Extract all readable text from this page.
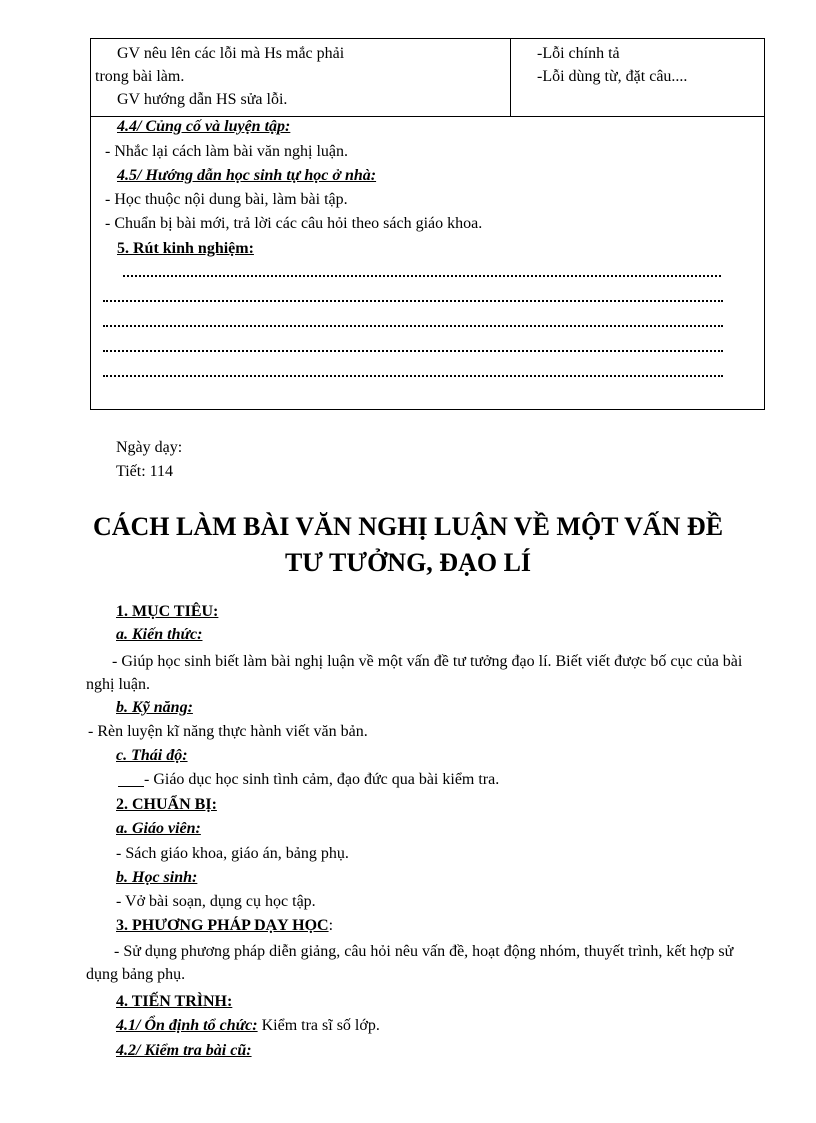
GV nêu lên các lỗi mà Hs mắc phải
trong bài làm.
GV hướng dẫn HS sửa lỗi.
-Lỗi chính tả
-Lỗi dùng từ, đặt câu....
4.4/ Củng cố và luyện tập:
- Nhắc lại cách làm bài văn nghị luận.
4.5/ Hướng dẫn học sinh tự học ở nhà:
- Học thuộc nội dung bài, làm bài tập.
- Chuẩn bị bài mới, trả lời các câu hỏi theo sách giáo khoa.
5. Rút kinh nghiệm:
Ngày dạy:
Tiết: 114
CÁCH LÀM BÀI VĂN NGHỊ LUẬN VỀ MỘT VẤN ĐỀ
TƯ TƯỞNG, ĐẠO LÍ
1. MỤC TIÊU:
a. Kiến thức:
- Giúp học sinh biết làm bài nghị luận về một vấn đề tư tưởng đạo lí. Biết viết được bố cục của bài nghị luận.
b. Kỹ năng:
- Rèn luyện kĩ năng thực hành viết văn bản.
c. Thái độ:
- Giáo dục học sinh tình cảm, đạo đức qua bài kiểm tra.
2. CHUẨN BỊ:
a. Giáo viên:
- Sách giáo khoa, giáo án, bảng phụ.
b. Học sinh:
- Vở bài soạn, dụng cụ học tập.
3. PHƯƠNG PHÁP DẠY HỌC:
- Sử dụng phương pháp diễn giảng, câu hỏi nêu vấn đề, hoạt động nhóm, thuyết trình, kết hợp sử dụng bảng phụ.
4. TIẾN TRÌNH:
4.1/ Ổn định tổ chức: Kiểm tra sĩ số lớp.
4.2/ Kiểm tra bài cũ:
